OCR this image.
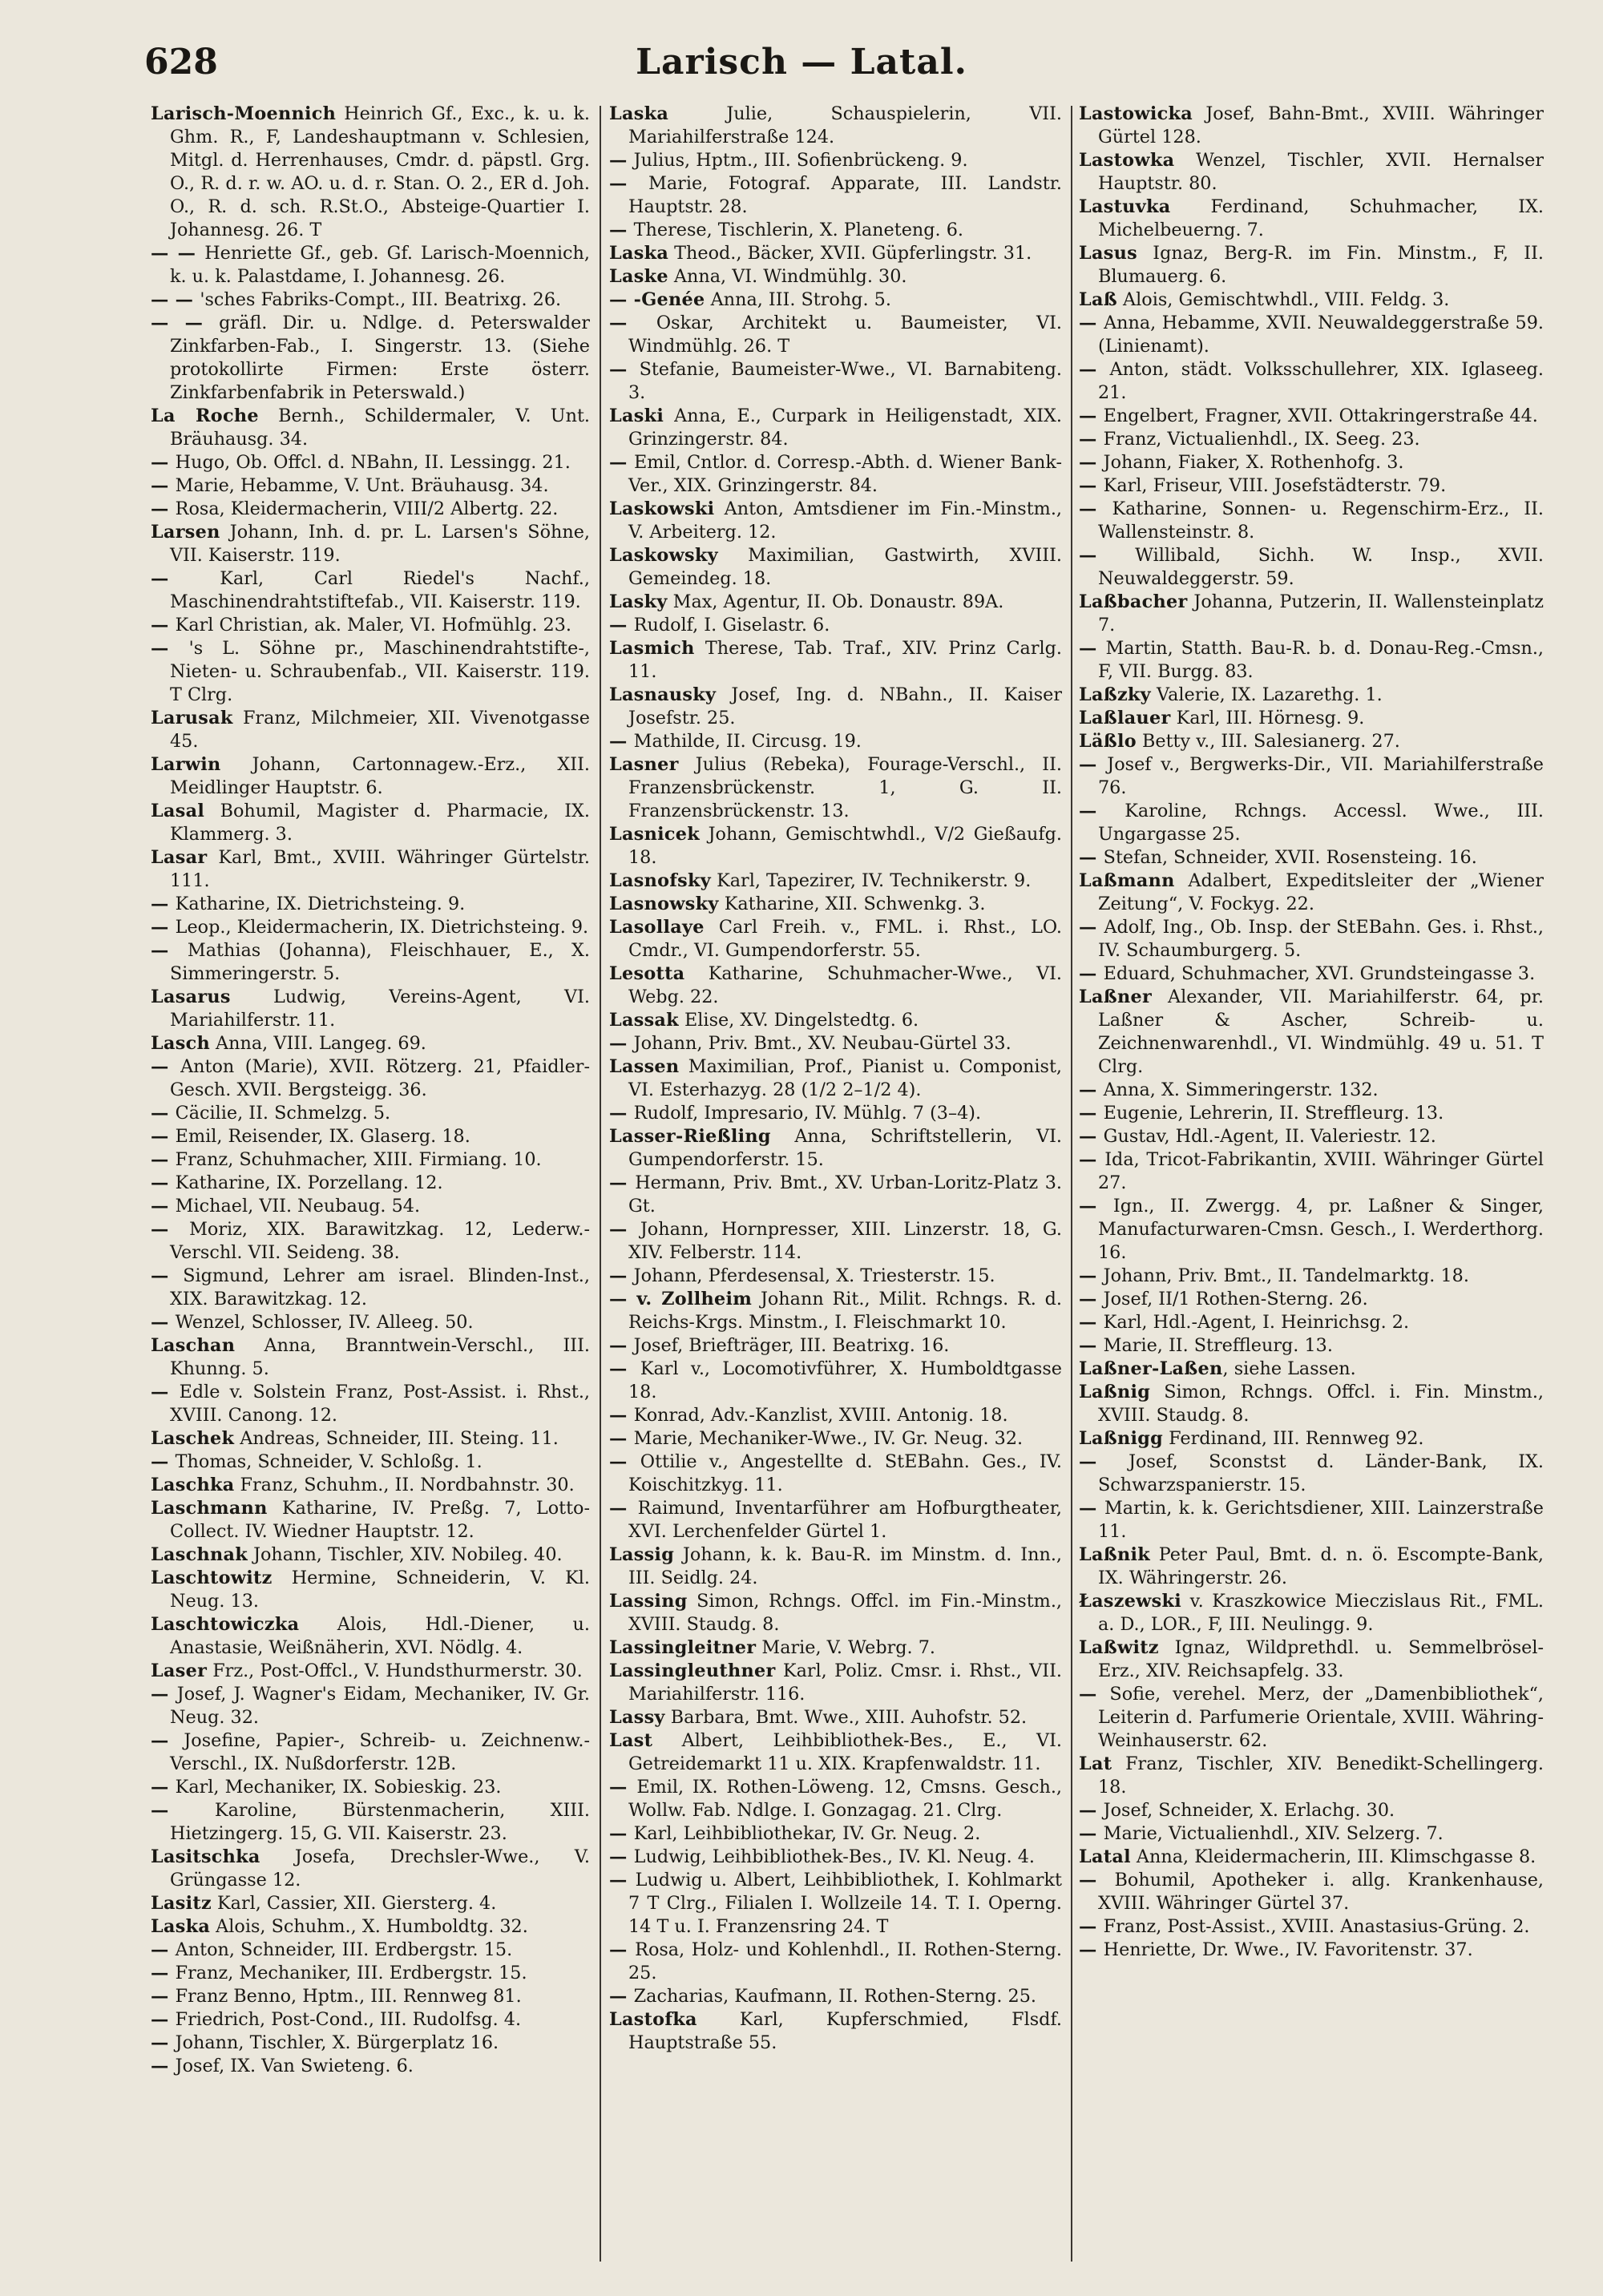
628	Larisch — Latal.
Larisch-Moennich Heinrich Gf., Exc., k. u. k. Ghm. R., F, Landeshauptmann v. Schlesien, Mitgl. d. Herrenhauses, Cmdr. d. päpstl. Grg. O., R. d. r. w. AO. u. d. r. Stan. O. 2., ER d. Joh. O., R. d. sch. R.St.O., Absteige-Quartier I. Johannesg. 26. T
— — Henriette Gf., geb. Gf. Larisch-Moennich, k. u. k. Palastdame, I. Johannesg. 26.
— — 'sches Fabriks-Compt., III. Beatrixg. 26.
— — gräfl. Dir. u. Ndlge. d. Peterswalder Zinkfarben-Fab., I. Singerstr. 13. (Siehe protokollirte Firmen: Erste österr. Zinkfarbenfabrik in Peterswald.)
La Roche Bernh., Schildermaler, V. Unt. Bräuhausg. 34.
— Hugo, Ob. Offcl. d. NBahn, II. Lessingg. 21.
— Marie, Hebamme, V. Unt. Bräuhausg. 34.
— Rosa, Kleidermacherin, VIII/2 Albertg. 22.
Larsen Johann, Inh. d. pr. L. Larsen's Söhne, VII. Kaiserstr. 119.
— Karl, Carl Riedel's Nachf., Maschinendrahtstiftefab., VII. Kaiserstr. 119.
— Karl Christian, ak. Maler, VI. Hofmühlg. 23.
— 's L. Söhne pr., Maschinendrahtstifte-, Nieten- u. Schraubenfab., VII. Kaiserstr. 119. T Clrg.
Larusak Franz, Milchmeier, XII. Vivenotgasse 45.
Larwin Johann, Cartonnagew.-Erz., XII. Meidlinger Hauptstr. 6.
Lasal Bohumil, Magister d. Pharmacie, IX. Klammerg. 3.
Lasar Karl, Bmt., XVIII. Währinger Gürtelstr. 111.
— Katharine, IX. Dietrichsteing. 9.
— Leop., Kleidermacherin, IX. Dietrichsteing. 9.
— Mathias (Johanna), Fleischhauer, E., X. Simmeringerstr. 5.
Lasarus Ludwig, Vereins-Agent, VI. Mariahilferstr. 11.
Lasch Anna, VIII. Langeg. 69.
— Anton (Marie), XVII. Rötzerg. 21, Pfaidler-Gesch. XVII. Bergsteigg. 36.
— Cäcilie, II. Schmelzg. 5.
— Emil, Reisender, IX. Glaserg. 18.
— Franz, Schuhmacher, XIII. Firmiang. 10.
— Katharine, IX. Porzellang. 12.
— Michael, VII. Neubaug. 54.
— Moriz, XIX. Barawitzkag. 12, Lederw.-Verschl. VII. Seideng. 38.
— Sigmund, Lehrer am israel. Blinden-Inst., XIX. Barawitzkag. 12.
— Wenzel, Schlosser, IV. Alleeg. 50.
Laschan Anna, Branntwein-Verschl., III. Khunng. 5.
— Edle v. Solstein Franz, Post-Assist. i. Rhst., XVIII. Canong. 12.
Laschek Andreas, Schneider, III. Steing. 11.
— Thomas, Schneider, V. Schloßg. 1.
Laschka Franz, Schuhm., II. Nordbahnstr. 30.
Laschmann Katharine, IV. Preßg. 7, Lotto-Collect. IV. Wiedner Hauptstr. 12.
Laschnak Johann, Tischler, XIV. Nobileg. 40.
Laschtowitz Hermine, Schneiderin, V. Kl. Neug. 13.
Laschtowiczka Alois, Hdl.-Diener, u. Anastasie, Weißnäherin, XVI. Nödlg. 4.
Laser Frz., Post-Offcl., V. Hundsthurmerstr. 30.
— Josef, J. Wagner's Eidam, Mechaniker, IV. Gr. Neug. 32.
— Josefine, Papier-, Schreib- u. Zeichnenw.-Verschl., IX. Nußdorferstr. 12B.
— Karl, Mechaniker, IX. Sobieskig. 23.
— Karoline, Bürstenmacherin, XIII. Hietzingerg. 15, G. VII. Kaiserstr. 23.
Lasitschka Josefa, Drechsler-Wwe., V. Grüngasse 12.
Lasitz Karl, Cassier, XII. Giersterg. 4.
Laska Alois, Schuhm., X. Humboldtg. 32.
— Anton, Schneider, III. Erdbergstr. 15.
— Franz, Mechaniker, III. Erdbergstr. 15.
— Franz Benno, Hptm., III. Rennweg 81.
— Friedrich, Post-Cond., III. Rudolfsg. 4.
— Johann, Tischler, X. Bürgerplatz 16.
— Josef, IX. Van Swieteng. 6.
Laska Julie, Schauspielerin, VII. Mariahilferstraße 124.
— Julius, Hptm., III. Sofienbrückeng. 9.
— Marie, Fotograf. Apparate, III. Landstr. Hauptstr. 28.
— Therese, Tischlerin, X. Planeteng. 6.
Laska Theod., Bäcker, XVII. Güpferlingstr. 31.
Laske Anna, VI. Windmühlg. 30.
— -Genée Anna, III. Strohg. 5.
— Oskar, Architekt u. Baumeister, VI. Windmühlg. 26. T
— Stefanie, Baumeister-Wwe., VI. Barnabiteng. 3.
Laski Anna, E., Curpark in Heiligenstadt, XIX. Grinzingerstr. 84.
— Emil, Cntlor. d. Corresp.-Abth. d. Wiener Bank-Ver., XIX. Grinzingerstr. 84.
Laskowski Anton, Amtsdiener im Fin.-Minstm., V. Arbeiterg. 12.
Laskowsky Maximilian, Gastwirth, XVIII. Gemeindeg. 18.
Lasky Max, Agentur, II. Ob. Donaustr. 89A.
— Rudolf, I. Giselastr. 6.
Lasmich Therese, Tab. Traf., XIV. Prinz Carlg. 11.
Lasnausky Josef, Ing. d. NBahn., II. Kaiser Josefstr. 25.
— Mathilde, II. Circusg. 19.
Lasner Julius (Rebeka), Fourage-Verschl., II. Franzensbrückenstr. 1, G. II. Franzensbrückenstr. 13.
Lasnicek Johann, Gemischtwhdl., V/2 Gießaufg. 18.
Lasnofsky Karl, Tapezirer, IV. Technikerstr. 9.
Lasnowsky Katharine, XII. Schwenkg. 3.
Lasollaye Carl Freih. v., FML. i. Rhst., LO. Cmdr., VI. Gumpendorferstr. 55.
Lesotta Katharine, Schuhmacher-Wwe., VI. Webg. 22.
Lassak Elise, XV. Dingelstedtg. 6.
— Johann, Priv. Bmt., XV. Neubau-Gürtel 33.
Lassen Maximilian, Prof., Pianist u. Componist, VI. Esterhazyg. 28 (1/2 2–1/2 4).
— Rudolf, Impresario, IV. Mühlg. 7 (3–4).
Lasser-Rießling Anna, Schriftstellerin, VI. Gumpendorferstr. 15.
— Hermann, Priv. Bmt., XV. Urban-Loritz-Platz 3. Gt.
— Johann, Hornpresser, XIII. Linzerstr. 18, G. XIV. Felberstr. 114.
— Johann, Pferdesensal, X. Triesterstr. 15.
— v. Zollheim Johann Rit., Milit. Rchngs. R. d. Reichs-Krgs. Minstm., I. Fleischmarkt 10.
— Josef, Briefträger, III. Beatrixg. 16.
— Karl v., Locomotivführer, X. Humboldtgasse 18.
— Konrad, Adv.-Kanzlist, XVIII. Antonig. 18.
— Marie, Mechaniker-Wwe., IV. Gr. Neug. 32.
— Ottilie v., Angestellte d. StEBahn. Ges., IV. Koischitzkyg. 11.
— Raimund, Inventarführer am Hofburgtheater, XVI. Lerchenfelder Gürtel 1.
Lassig Johann, k. k. Bau-R. im Minstm. d. Inn., III. Seidlg. 24.
Lassing Simon, Rchngs. Offcl. im Fin.-Minstm., XVIII. Staudg. 8.
Lassingleitner Marie, V. Webrg. 7.
Lassingleuthner Karl, Poliz. Cmsr. i. Rhst., VII. Mariahilferstr. 116.
Lassy Barbara, Bmt. Wwe., XIII. Auhofstr. 52.
Last Albert, Leihbibliothek-Bes., E., VI. Getreidemarkt 11 u. XIX. Krapfenwaldstr. 11.
— Emil, IX. Rothen-Löweng. 12, Cmsns. Gesch., Wollw. Fab. Ndlge. I. Gonzagag. 21. Clrg.
— Karl, Leihbibliothekar, IV. Gr. Neug. 2.
— Ludwig, Leihbibliothek-Bes., IV. Kl. Neug. 4.
— Ludwig u. Albert, Leihbibliothek, I. Kohlmarkt 7 T Clrg., Filialen I. Wollzeile 14. T. I. Operng. 14 T u. I. Franzensring 24. T
— Rosa, Holz- und Kohlenhdl., II. Rothen-Sterng. 25.
— Zacharias, Kaufmann, II. Rothen-Sterng. 25.
Lastofka Karl, Kupferschmied, Flsdf. Hauptstraße 55.
Lastowicka Josef, Bahn-Bmt., XVIII. Währinger Gürtel 128.
Lastowka Wenzel, Tischler, XVII. Hernalser Hauptstr. 80.
Lastuvka Ferdinand, Schuhmacher, IX. Michelbeuerng. 7.
Lasus Ignaz, Berg-R. im Fin. Minstm., F, II. Blumauerg. 6.
Laß Alois, Gemischtwhdl., VIII. Feldg. 3.
— Anna, Hebamme, XVII. Neuwaldeggerstraße 59. (Linienamt).
— Anton, städt. Volksschullehrer, XIX. Iglaseeg. 21.
— Engelbert, Fragner, XVII. Ottakringerstraße 44.
— Franz, Victualienhdl., IX. Seeg. 23.
— Johann, Fiaker, X. Rothenhofg. 3.
— Karl, Friseur, VIII. Josefstädterstr. 79.
— Katharine, Sonnen- u. Regenschirm-Erz., II. Wallensteinstr. 8.
— Willibald, Sichh. W. Insp., XVII. Neuwaldeggerstr. 59.
Laßbacher Johanna, Putzerin, II. Wallensteinplatz 7.
— Martin, Statth. Bau-R. b. d. Donau-Reg.-Cmsn., F, VII. Burgg. 83.
Laßzky Valerie, IX. Lazarethg. 1.
Laßlauer Karl, III. Hörnesg. 9.
Läßlo Betty v., III. Salesianerg. 27.
— Josef v., Bergwerks-Dir., VII. Mariahilferstraße 76.
— Karoline, Rchngs. Accessl. Wwe., III. Ungargasse 25.
— Stefan, Schneider, XVII. Rosensteing. 16.
Laßmann Adalbert, Expeditsleiter der „Wiener Zeitung“, V. Fockyg. 22.
— Adolf, Ing., Ob. Insp. der StEBahn. Ges. i. Rhst., IV. Schaumburgerg. 5.
— Eduard, Schuhmacher, XVI. Grundsteingasse 3.
Laßner Alexander, VII. Mariahilferstr. 64, pr. Laßner & Ascher, Schreib- u. Zeichnenwarenhdl., VI. Windmühlg. 49 u. 51. T Clrg.
— Anna, X. Simmeringerstr. 132.
— Eugenie, Lehrerin, II. Streffleurg. 13.
— Gustav, Hdl.-Agent, II. Valeriestr. 12.
— Ida, Tricot-Fabrikantin, XVIII. Währinger Gürtel 27.
— Ign., II. Zwergg. 4, pr. Laßner & Singer, Manufacturwaren-Cmsn. Gesch., I. Werderthorg. 16.
— Johann, Priv. Bmt., II. Tandelmarktg. 18.
— Josef, II/1 Rothen-Sterng. 26.
— Karl, Hdl.-Agent, I. Heinrichsg. 2.
— Marie, II. Streffleurg. 13.
Laßner-Laßen, siehe Lassen.
Laßnig Simon, Rchngs. Offcl. i. Fin. Minstm., XVIII. Staudg. 8.
Laßnigg Ferdinand, III. Rennweg 92.
— Josef, Sconstst d. Länder-Bank, IX. Schwarzspanierstr. 15.
— Martin, k. k. Gerichtsdiener, XIII. Lainzerstraße 11.
Laßnik Peter Paul, Bmt. d. n. ö. Escompte-Bank, IX. Währingerstr. 26.
Łaszewski v. Kraszkowice Mieczislaus Rit., FML. a. D., LOR., F, III. Neulingg. 9.
Laßwitz Ignaz, Wildprethdl. u. Semmelbrösel-Erz., XIV. Reichsapfelg. 33.
— Sofie, verehel. Merz, der „Damenbibliothek“, Leiterin d. Parfumerie Orientale, XVIII. Währing-Weinhauserstr. 62.
Lat Franz, Tischler, XIV. Benedikt-Schellingerg. 18.
— Josef, Schneider, X. Erlachg. 30.
— Marie, Victualienhdl., XIV. Selzerg. 7.
Latal Anna, Kleidermacherin, III. Klimschgasse 8.
— Bohumil, Apotheker i. allg. Krankenhause, XVIII. Währinger Gürtel 37.
— Franz, Post-Assist., XVIII. Anastasius-Grüng. 2.
— Henriette, Dr. Wwe., IV. Favoritenstr. 37.
